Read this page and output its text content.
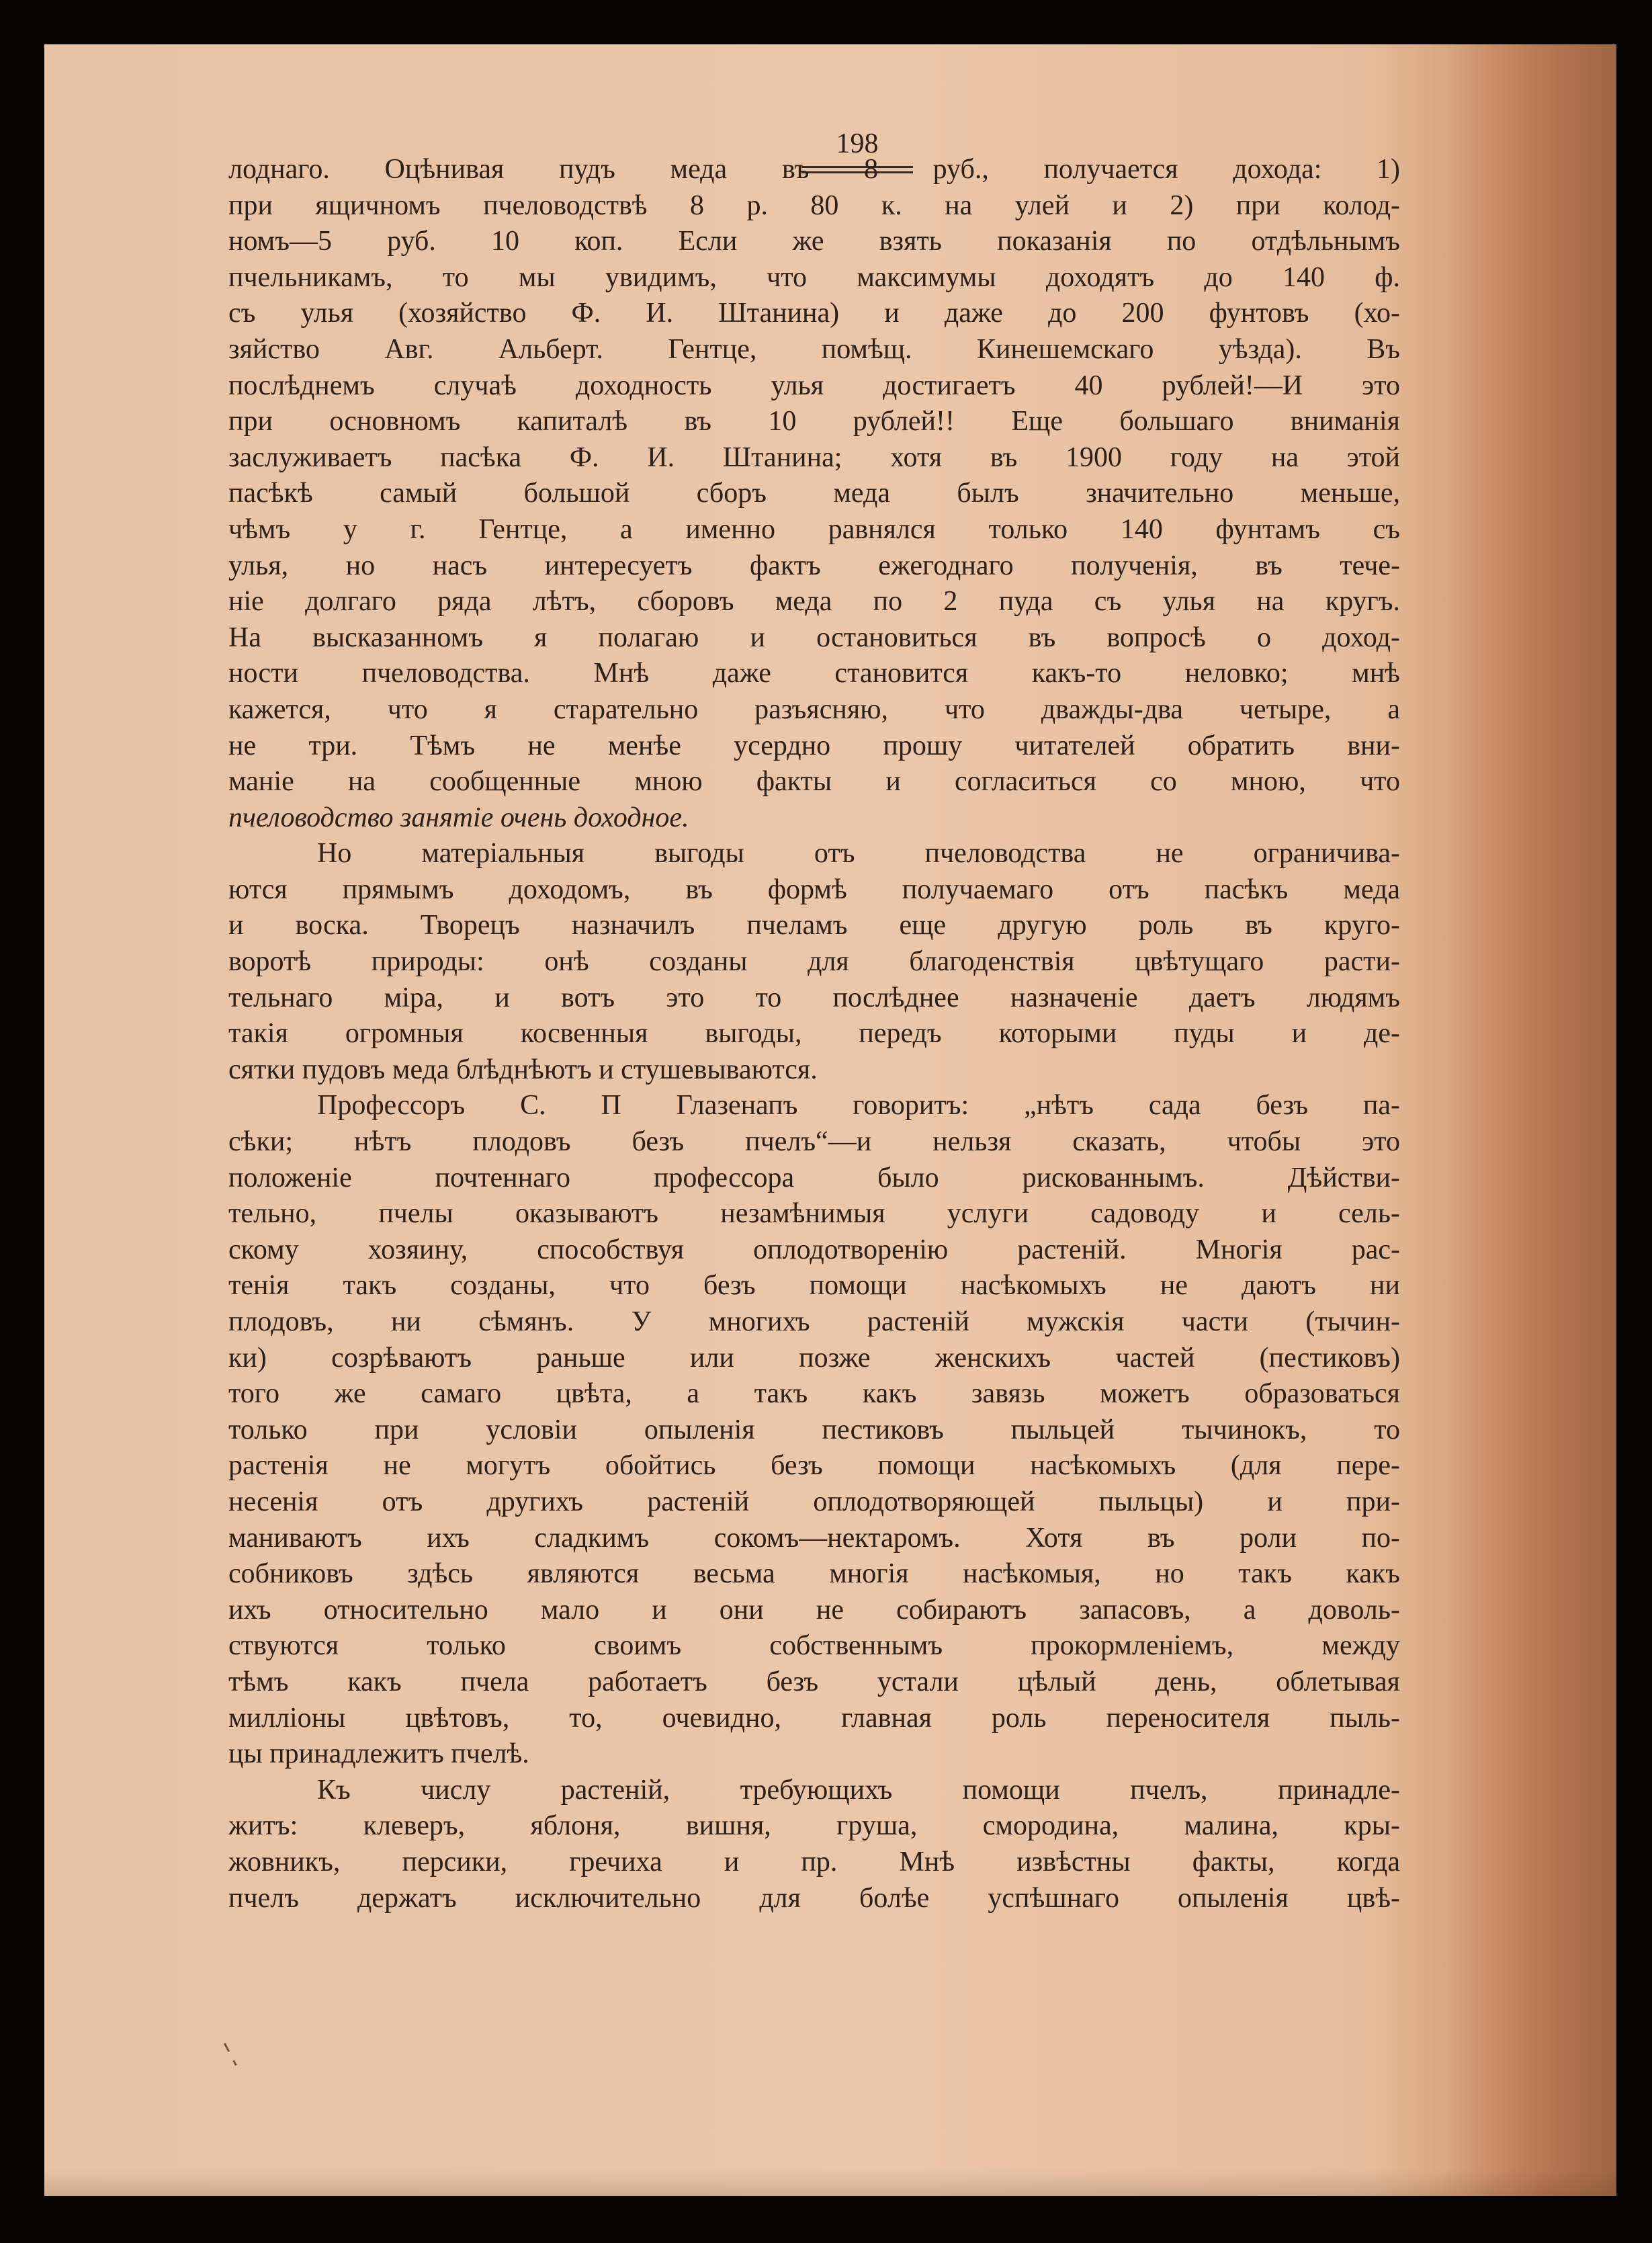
198
лоднаго. Оцѣнивая пудъ меда въ 8 руб., получается дохода: 1)
при ящичномъ пчеловодствѣ 8 р. 80 к. на улей и 2) при колод-
номъ—5 руб. 10 коп. Если же взять показанія по отдѣльнымъ
пчельникамъ, то мы увидимъ, что максимумы доходятъ до 140 ф.
съ улья (хозяйство Ф. И. Штанина) и даже до 200 фунтовъ (хо-
зяйство Авг. Альберт. Гентце, помѣщ. Кинешемскаго уѣзда). Въ
послѣднемъ случаѣ доходность улья достигаетъ 40 рублей!—И это
при основномъ капиталѣ въ 10 рублей!! Еще большаго вниманія
заслуживаетъ пасѣка Ф. И. Штанина; хотя въ 1900 году на этой
пасѣкѣ самый большой сборъ меда былъ значительно меньше,
чѣмъ у г. Гентце, а именно равнялся только 140 фунтамъ съ
улья, но насъ интересуетъ фактъ ежегоднаго полученія, въ тече-
ніе долгаго ряда лѣтъ, сборовъ меда по 2 пуда съ улья на кругъ.
На высказанномъ я полагаю и остановиться въ вопросѣ о доход-
ности пчеловодства. Мнѣ даже становится какъ-то неловко; мнѣ
кажется, что я старательно разъясняю, что дважды-два четыре, а
не три. Тѣмъ не менѣе усердно прошу читателей обратить вни-
маніе на сообщенные мною факты и согласиться со мною, что
пчеловодство занятіе очень доходное.
Но матеріальныя выгоды отъ пчеловодства не ограничива-
ются прямымъ доходомъ, въ формѣ получаемаго отъ пасѣкъ меда
и воска. Творецъ назначилъ пчеламъ еще другую роль въ круго-
воротѣ природы: онѣ созданы для благоденствія цвѣтущаго расти-
тельнаго міра, и вотъ это то послѣднее назначеніе даетъ людямъ
такія огромныя косвенныя выгоды, передъ которыми пуды и де-
сятки пудовъ меда блѣднѣютъ и стушевываются.
Профессоръ С. П Глазенапъ говоритъ: „нѣтъ сада безъ па-
сѣки; нѣтъ плодовъ безъ пчелъ“—и нельзя сказать, чтобы это
положеніе почтеннаго профессора было рискованнымъ. Дѣйстви-
тельно, пчелы оказываютъ незамѣнимыя услуги садоводу и сель-
скому хозяину, способствуя оплодотворенію растеній. Многія рас-
тенія такъ созданы, что безъ помощи насѣкомыхъ не даютъ ни
плодовъ, ни сѣмянъ. У многихъ растеній мужскія части (тычин-
ки) созрѣваютъ раньше или позже женскихъ частей (пестиковъ)
того же самаго цвѣта, а такъ какъ завязь можетъ образоваться
только при условіи опыленія пестиковъ пыльцей тычинокъ, то
растенія не могутъ обойтись безъ помощи насѣкомыхъ (для пере-
несенія отъ другихъ растеній оплодотворяющей пыльцы) и при-
маниваютъ ихъ сладкимъ сокомъ—нектаромъ. Хотя въ роли по-
собниковъ здѣсь являются весьма многія насѣкомыя, но такъ какъ
ихъ относительно мало и они не собираютъ запасовъ, а доволь-
ствуются только своимъ собственнымъ прокормленіемъ, между
тѣмъ какъ пчела работаетъ безъ устали цѣлый день, облетывая
милліоны цвѣтовъ, то, очевидно, главная роль переносителя пыль-
цы принадлежитъ пчелѣ.
Къ числу растеній, требующихъ помощи пчелъ, принадле-
житъ: клеверъ, яблоня, вишня, груша, смородина, малина, кры-
жовникъ, персики, гречиха и пр. Мнѣ извѣстны факты, когда
пчелъ держатъ исключительно для болѣе успѣшнаго опыленія цвѣ-
